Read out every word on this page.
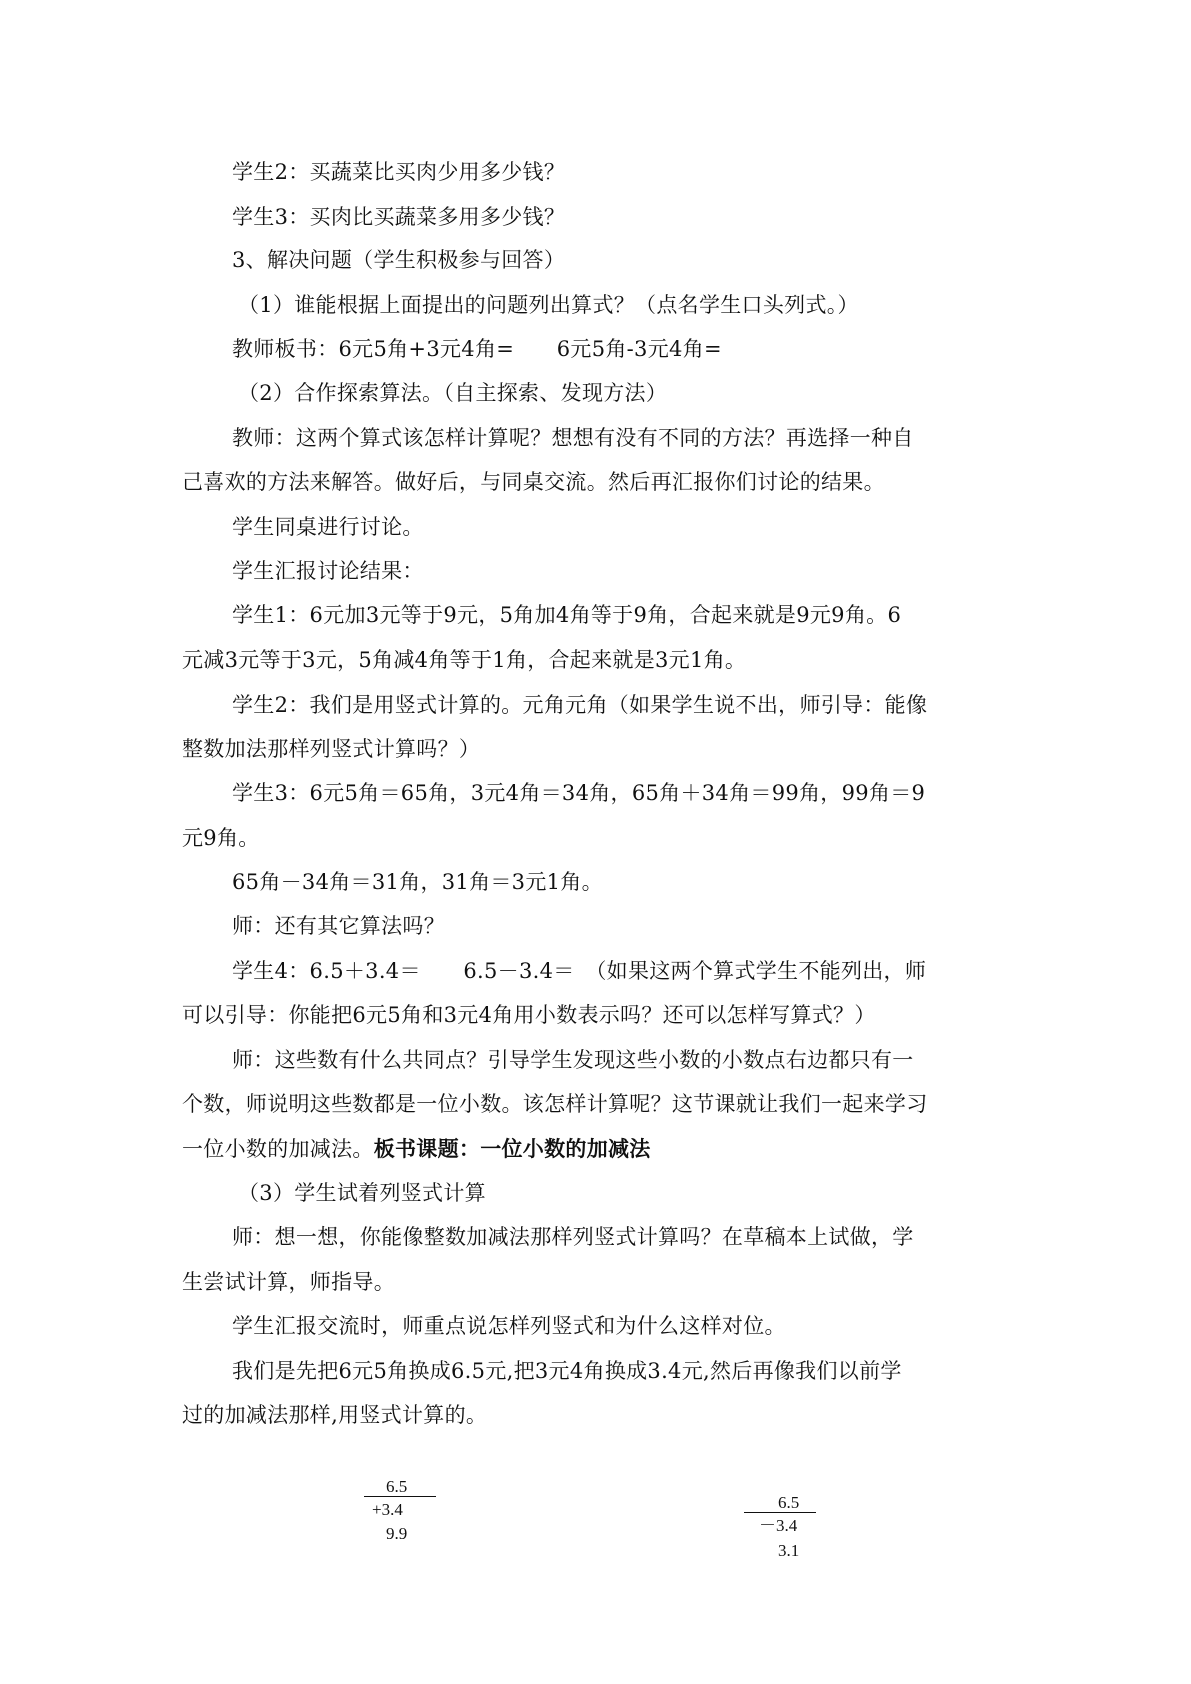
学生2：买蔬菜比买肉少用多少钱？
学生3：买肉比买蔬菜多用多少钱？
3、解决问题（学生积极参与回答）
（1）谁能根据上面提出的问题列出算式？（点名学生口头列式。）
教师板书：6元5角+3元4角=　　6元5角-3元4角=
（2）合作探索算法。（自主探索、发现方法）
教师：这两个算式该怎样计算呢？想想有没有不同的方法？再选择一种自
己喜欢的方法来解答。做好后，与同桌交流。然后再汇报你们讨论的结果。
学生同桌进行讨论。
学生汇报讨论结果：
学生1：6元加3元等于9元，5角加4角等于9角，合起来就是9元9角。6
元减3元等于3元，5角减4角等于1角，合起来就是3元1角。
学生2：我们是用竖式计算的。元角元角（如果学生说不出，师引导：能像
整数加法那样列竖式计算吗？）
学生3：6元5角＝65角，3元4角＝34角，65角＋34角＝99角，99角＝9
元9角。
65角－34角＝31角，31角＝3元1角。
师：还有其它算法吗？
学生4：6.5＋3.4＝　　6.5－3.4＝　（如果这两个算式学生不能列出，师
可以引导：你能把6元5角和3元4角用小数表示吗？还可以怎样写算式？）
师：这些数有什么共同点？引导学生发现这些小数的小数点右边都只有一
个数，师说明这些数都是一位小数。该怎样计算呢？这节课就让我们一起来学习
一位小数的加减法。板书课题：一位小数的加减法
（3）学生试着列竖式计算
师：想一想，你能像整数加减法那样列竖式计算吗？在草稿本上试做，学
生尝试计算，师指导。
学生汇报交流时，师重点说怎样列竖式和为什么这样对位。
我们是先把6元5角换成6.5元,把3元4角换成3.4元,然后再像我们以前学
过的加减法那样,用竖式计算的。
6.5
+3.4
9.9
6.5
－3.4
3.1
